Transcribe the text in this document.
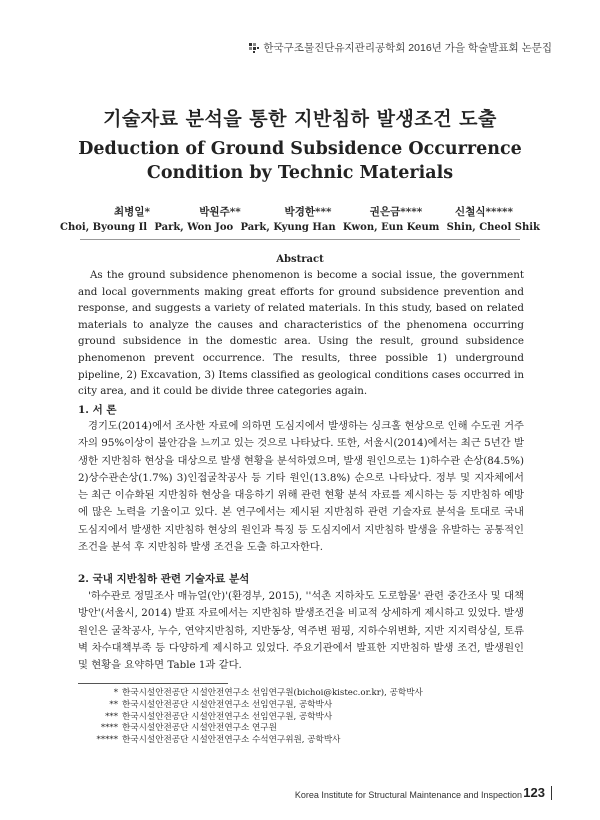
한국구조물진단유지관리공학회 2016년 가을 학술발표회 논문집
기술자료 분석을 통한 지반침하 발생조건 도출
Deduction of Ground Subsidence Occurrence Condition by Technic Materials
최병일*	박원주**	박경한***	권은금****	신철식*****
Choi, Byoung Il Park, Won Joo Park, Kyung Han Kwon, Eun Keum Shin, Cheol Shik
Abstract

As the ground subsidence phenomenon is become a social issue, the government and local governments making great efforts for ground subsidence prevention and response, and suggests a variety of related materials. In this study, based on related materials to analyze the causes and characteristics of the phenomena occurring ground subsidence in the domestic area. Using the result, ground subsidence phenomenon prevent occurrence. The results, three possible 1) underground pipeline, 2) Excavation, 3) Items classified as geological conditions cases occurred in city area, and it could be divide three categories again.

1. 서 론

경기도(2014)에서 조사한 자료에 의하면 도심지에서 발생하는 싱크홀 현상으로 인해 수도권 거주자의 95%이상이 불안감을 느끼고 있는 것으로 나타났다. 또한, 서울시(2014)에서는 최근 5년간 발생한 지반침하 현상을 대상으로 발생 현황을 분석하였으며, 발생 원인으로는 1)하수관 손상(84.5%) 2)상수관손상(1.7%) 3)인접굴착공사 등 기타 원인(13.8%) 순으로 나타났다. 정부 및 지자체에서는 최근 이슈화된 지반침하 현상을 대응하기 위해 관련 현황 분석 자료를 제시하는 등 지반침하 예방에 많은 노력을 기울이고 있다. 본 연구에서는 제시된 지반침하 관련 기술자료 분석을 토대로 국내 도심지에서 발생한 지반침하 현상의 원인과 특징 등 도심지에서 지반침하 발생을 유발하는 공통적인 조건을 분석 후 지반침하 발생 조건을 도출 하고자한다.

2. 국내 지반침하 관련 기술자료 분석

'하수관로 정밀조사 매뉴얼(안)'(환경부, 2015), ''석촌 지하차도 도로함몰' 관련 중간조사 및 대책방안'(서울시, 2014) 발표 자료에서는 지반침하 발생조건을 비교적 상세하게 제시하고 있었다. 발생원인은 굴착공사, 누수, 연약지반침하, 지반동상, 역주변 펌핑, 지하수위변화, 지반 지지력상실, 토류벽 차수대책부족 등 다양하게 제시하고 있었다. 주요기관에서 발표한 지반침하 발생 조건, 발생원인 및 현황을 요약하면 Table 1과 같다.

* 한국시설안전공단 시설안전연구소 선임연구원(bichoi@kistec.or.kr), 공학박사
** 한국시설안전공단 시설안전연구소 선임연구원, 공학박사
*** 한국시설안전공단 시설안전연구소 선임연구원, 공학박사
**** 한국시설안전공단 시설안전연구소 연구원
***** 한국시설안전공단 시설안전연구소 수석연구위원, 공학박사
Korea Institute for Structural Maintenance and Inspection 123
